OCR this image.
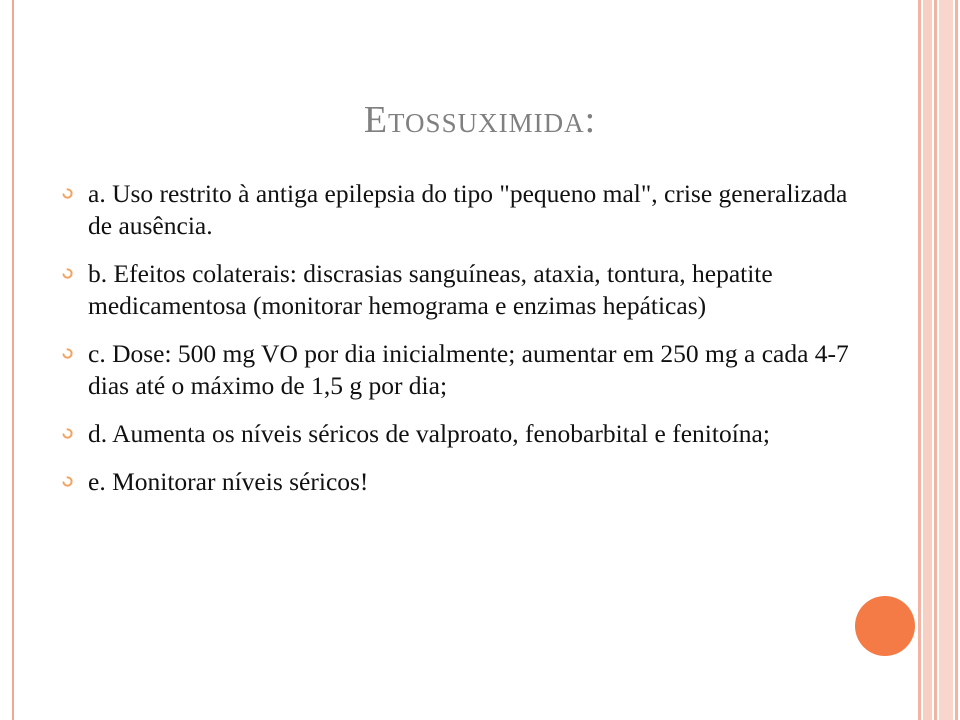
Etossuximida:
a. Uso restrito à antiga epilepsia do tipo "pequeno mal", crise generalizada de ausência.
b. Efeitos colaterais: discrasias sanguíneas, ataxia, tontura, hepatite medicamentosa (monitorar hemograma e enzimas hepáticas)
c. Dose: 500 mg VO por dia inicialmente; aumentar em 250 mg a cada 4-7 dias até o máximo de 1,5 g por dia;
d. Aumenta os níveis séricos de valproato, fenobarbital e fenitoína;
e. Monitorar níveis séricos!
